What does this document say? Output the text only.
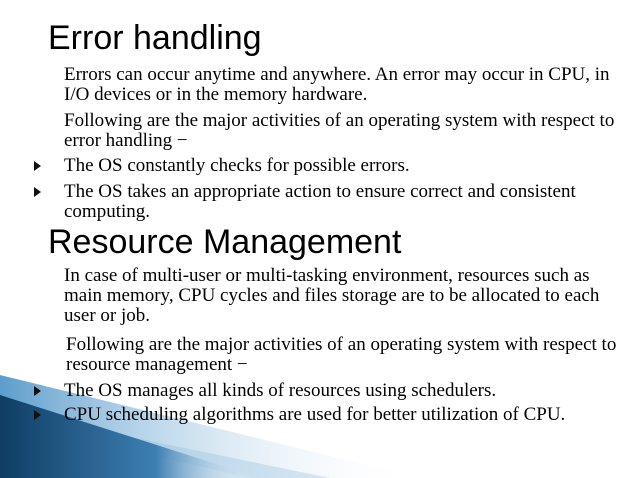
Error handling

Errors can occur anytime and anywhere. An error may occur in CPU, in I/O devices or in the memory hardware.

Following are the major activities of an operating system with respect to error handling −

The OS constantly checks for possible errors.

The OS takes an appropriate action to ensure correct and consistent computing.

Resource Management

In case of multi-user or multi-tasking environment, resources such as main memory, CPU cycles and files storage are to be allocated to each user or job.

Following are the major activities of an operating system with respect to resource management −

The OS manages all kinds of resources using schedulers.

CPU scheduling algorithms are used for better utilization of CPU.
